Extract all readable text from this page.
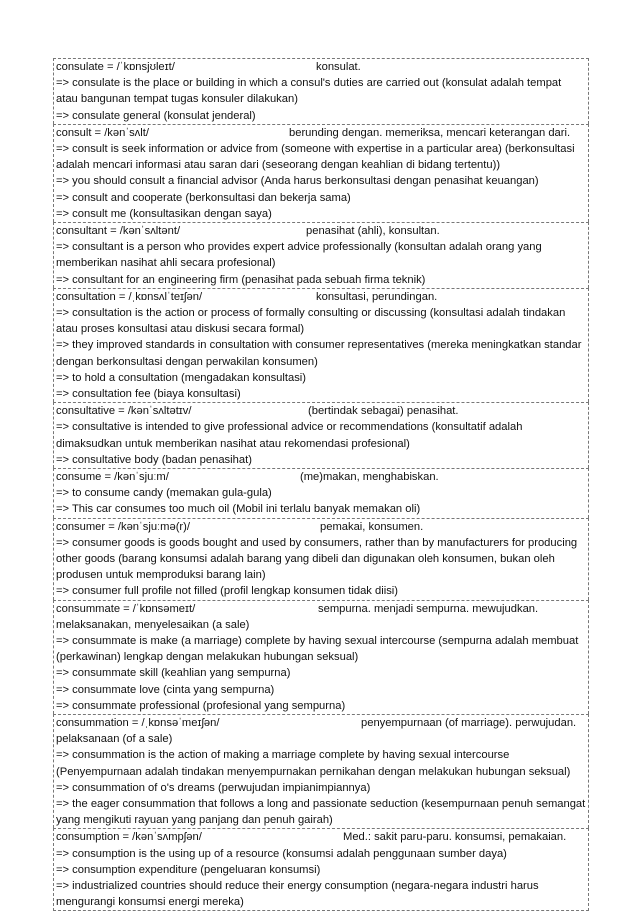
consulate = /ˈkɒnsjʊleɪt/	konsulat.
=> consulate is the place or building in which a consul's duties are carried out (konsulat adalah tempat atau bangunan tempat tugas konsuler dilakukan)
=> consulate general (konsulat jenderal)
consult = /kənˈsʌlt/	berunding dengan. memeriksa, mencari keterangan dari.
=> consult is seek information or advice from (someone with expertise in a particular area) (berkonsultasi adalah mencari informasi atau saran dari (seseorang dengan keahlian di bidang tertentu))
=> you should consult a financial advisor (Anda harus berkonsultasi dengan penasihat keuangan)
=> consult and cooperate (berkonsultasi dan bekerja sama)
=> consult me (konsultasikan dengan saya)
consultant = /kənˈsʌltənt/	penasihat (ahli), konsultan.
=> consultant is a person who provides expert advice professionally (konsultan adalah orang yang memberikan nasihat ahli secara profesional)
=> consultant for an engineering firm (penasihat pada sebuah firma teknik)
consultation = /ˌkɒnsʌlˈteɪʃən/	konsultasi, perundingan.
=> consultation is the action or process of formally consulting or discussing (konsultasi adalah tindakan atau proses konsultasi atau diskusi secara formal)
=> they improved standards in consultation with consumer representatives (mereka meningkatkan standar dengan berkonsultasi dengan perwakilan konsumen)
=> to hold a consultation (mengadakan konsultasi)
=> consultation fee (biaya konsultasi)
consultative = /kənˈsʌltətɪv/	(bertindak sebagai) penasihat.
=> consultative is intended to give professional advice or recommendations (konsultatif adalah dimaksudkan untuk memberikan nasihat atau rekomendasi profesional)
=> consultative body (badan penasihat)
consume = /kənˈsjuːm/	(me)makan, menghabiskan.
=> to consume candy (memakan gula-gula)
=> This car consumes too much oil (Mobil ini terlalu banyak memakan oli)
consumer = /kənˈsjuːmə(r)/	pemakai, konsumen.
=> consumer goods is goods bought and used by consumers, rather than by manufacturers for producing other goods (barang konsumsi adalah barang yang dibeli dan digunakan oleh konsumen, bukan oleh produsen untuk memproduksi barang lain)
=> consumer full profile not filled (profil lengkap konsumen tidak diisi)
consummate = /ˈkɒnsəmeɪt/	sempurna. menjadi sempurna. mewujudkan.
melaksanakan, menyelesaikan (a sale)
=> consummate is make (a marriage) complete by having sexual intercourse (sempurna adalah membuat (perkawinan) lengkap dengan melakukan hubungan seksual)
=> consummate skill (keahlian yang sempurna)
=> consummate love (cinta yang sempurna)
=> consummate professional (profesional yang sempurna)
consummation = /ˌkɒnsəˈmeɪʃən/	penyempurnaan (of marriage). perwujudan.
pelaksanaan (of a sale)
=> consummation is the action of making a marriage complete by having sexual intercourse (Penyempurnaan adalah tindakan menyempurnakan pernikahan dengan melakukan hubungan seksual)
=> consummation of o's dreams (perwujudan impianimpiannya)
=> the eager consummation that follows a long and passionate seduction (kesempurnaan penuh semangat yang mengikuti rayuan yang panjang dan penuh gairah)
consumption = /kənˈsʌmpʃən/	Med.: sakit paru-paru. konsumsi, pemakaian.
=> consumption is the using up of a resource (konsumsi adalah penggunaan sumber daya)
=> consumption expenditure (pengeluaran konsumsi)
=> industrialized countries should reduce their energy consumption (negara-negara industri harus mengurangi konsumsi energi mereka)
